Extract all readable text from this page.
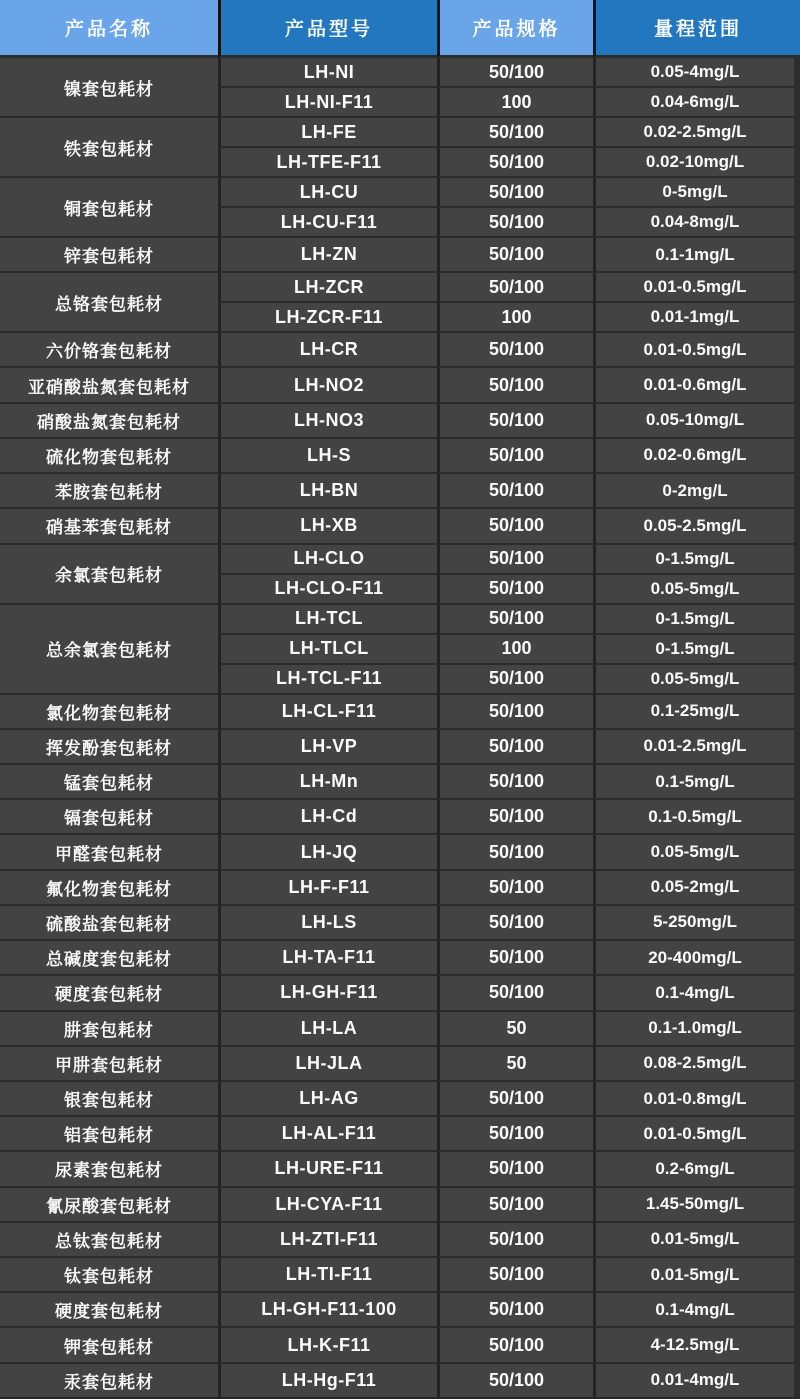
产品名称	产品型号	产品规格	量程范围
镍套包耗材	LH-NI	50/100	0.05-4mg/L
	LH-NI-F11	100	0.04-6mg/L
铁套包耗材	LH-FE	50/100	0.02-2.5mg/L
	LH-TFE-F11	50/100	0.02-10mg/L
铜套包耗材	LH-CU	50/100	0-5mg/L
	LH-CU-F11	50/100	0.04-8mg/L
锌套包耗材	LH-ZN	50/100	0.1-1mg/L
总铬套包耗材	LH-ZCR	50/100	0.01-0.5mg/L
	LH-ZCR-F11	100	0.01-1mg/L
六价铬套包耗材	LH-CR	50/100	0.01-0.5mg/L
亚硝酸盐氮套包耗材	LH-NO2	50/100	0.01-0.6mg/L
硝酸盐氮套包耗材	LH-NO3	50/100	0.05-10mg/L
硫化物套包耗材	LH-S	50/100	0.02-0.6mg/L
苯胺套包耗材	LH-BN	50/100	0-2mg/L
硝基苯套包耗材	LH-XB	50/100	0.05-2.5mg/L
余氯套包耗材	LH-CLO	50/100	0-1.5mg/L
	LH-CLO-F11	50/100	0.05-5mg/L
总余氯套包耗材	LH-TCL	50/100	0-1.5mg/L
	LH-TLCL	100	0-1.5mg/L
	LH-TCL-F11	50/100	0.05-5mg/L
氯化物套包耗材	LH-CL-F11	50/100	0.1-25mg/L
挥发酚套包耗材	LH-VP	50/100	0.01-2.5mg/L
锰套包耗材	LH-Mn	50/100	0.1-5mg/L
镉套包耗材	LH-Cd	50/100	0.1-0.5mg/L
甲醛套包耗材	LH-JQ	50/100	0.05-5mg/L
氟化物套包耗材	LH-F-F11	50/100	0.05-2mg/L
硫酸盐套包耗材	LH-LS	50/100	5-250mg/L
总碱度套包耗材	LH-TA-F11	50/100	20-400mg/L
硬度套包耗材	LH-GH-F11	50/100	0.1-4mg/L
肼套包耗材	LH-LA	50	0.1-1.0mg/L
甲肼套包耗材	LH-JLA	50	0.08-2.5mg/L
银套包耗材	LH-AG	50/100	0.01-0.8mg/L
铝套包耗材	LH-AL-F11	50/100	0.01-0.5mg/L
尿素套包耗材	LH-URE-F11	50/100	0.2-6mg/L
氰尿酸套包耗材	LH-CYA-F11	50/100	1.45-50mg/L
总钛套包耗材	LH-ZTI-F11	50/100	0.01-5mg/L
钛套包耗材	LH-TI-F11	50/100	0.01-5mg/L
硬度套包耗材	LH-GH-F11-100	50/100	0.1-4mg/L
钾套包耗材	LH-K-F11	50/100	4-12.5mg/L
汞套包耗材	LH-Hg-F11	50/100	0.01-4mg/L
